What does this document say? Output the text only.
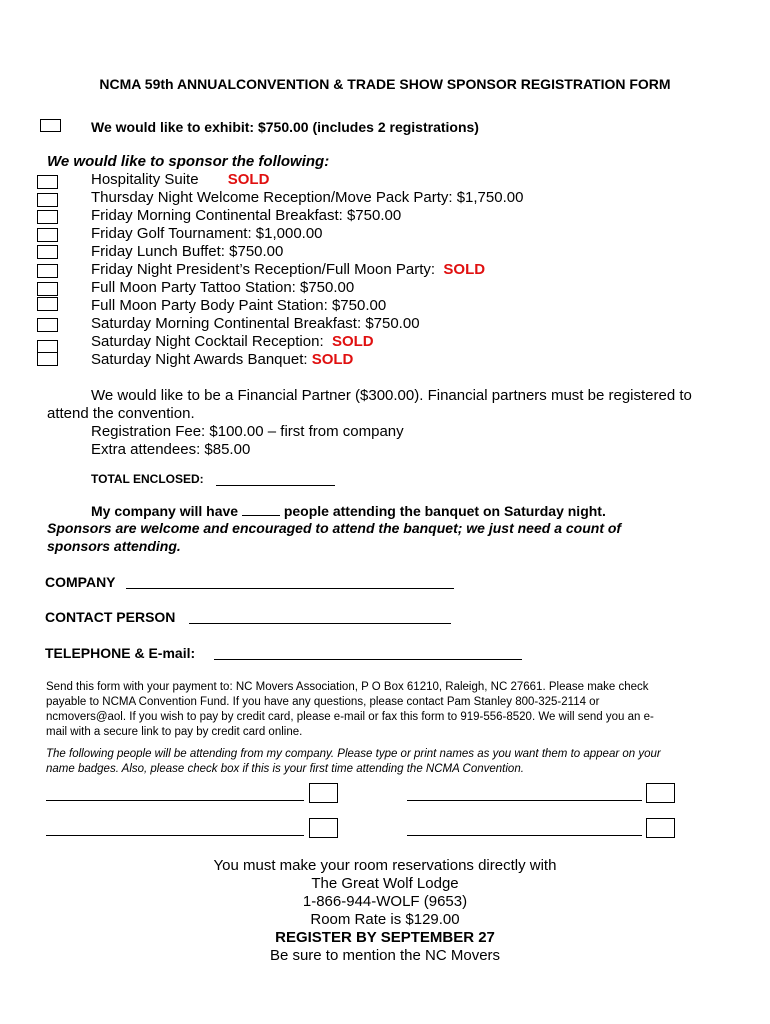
NCMA 59th ANNUALCONVENTION & TRADE SHOW SPONSOR REGISTRATION FORM
We would like to exhibit: $750.00 (includes 2 registrations)
We would like to sponsor the following:
Hospitality Suite SOLD
Thursday Night Welcome Reception/Move Pack Party: $1,750.00
Friday Morning Continental Breakfast: $750.00
Friday Golf Tournament: $1,000.00
Friday Lunch Buffet: $750.00
Friday Night President’s Reception/Full Moon Party: SOLD
Full Moon Party Tattoo Station: $750.00
Full Moon Party Body Paint Station: $750.00
Saturday Morning Continental Breakfast: $750.00
Saturday Night Cocktail Reception: SOLD
Saturday Night Awards Banquet: SOLD
We would like to be a Financial Partner ($300.00). Financial partners must be registered to
attend the convention.
Registration Fee: $100.00 – first from company
Extra attendees: $85.00
TOTAL ENCLOSED:
My company will have	people attending the banquet on Saturday night.
Sponsors are welcome and encouraged to attend the banquet; we just need a count of
sponsors attending.
COMPANY
CONTACT PERSON
TELEPHONE & E-mail:
Send this form with your payment to: NC Movers Association, P O Box 61210, Raleigh, NC 27661. Please make check
payable to NCMA Convention Fund. If you have any questions, please contact Pam Stanley 800-325-2114 or
ncmovers@aol. If you wish to pay by credit card, please e-mail or fax this form to 919-556-8520. We will send you an e-
mail with a secure link to pay by credit card online.
The following people will be attending from my company. Please type or print names as you want them to appear on your
name badges. Also, please check box if this is your first time attending the NCMA Convention.
You must make your room reservations directly with
The Great Wolf Lodge
1-866-944-WOLF (9653)
Room Rate is $129.00
REGISTER BY SEPTEMBER 27
Be sure to mention the NC Movers
